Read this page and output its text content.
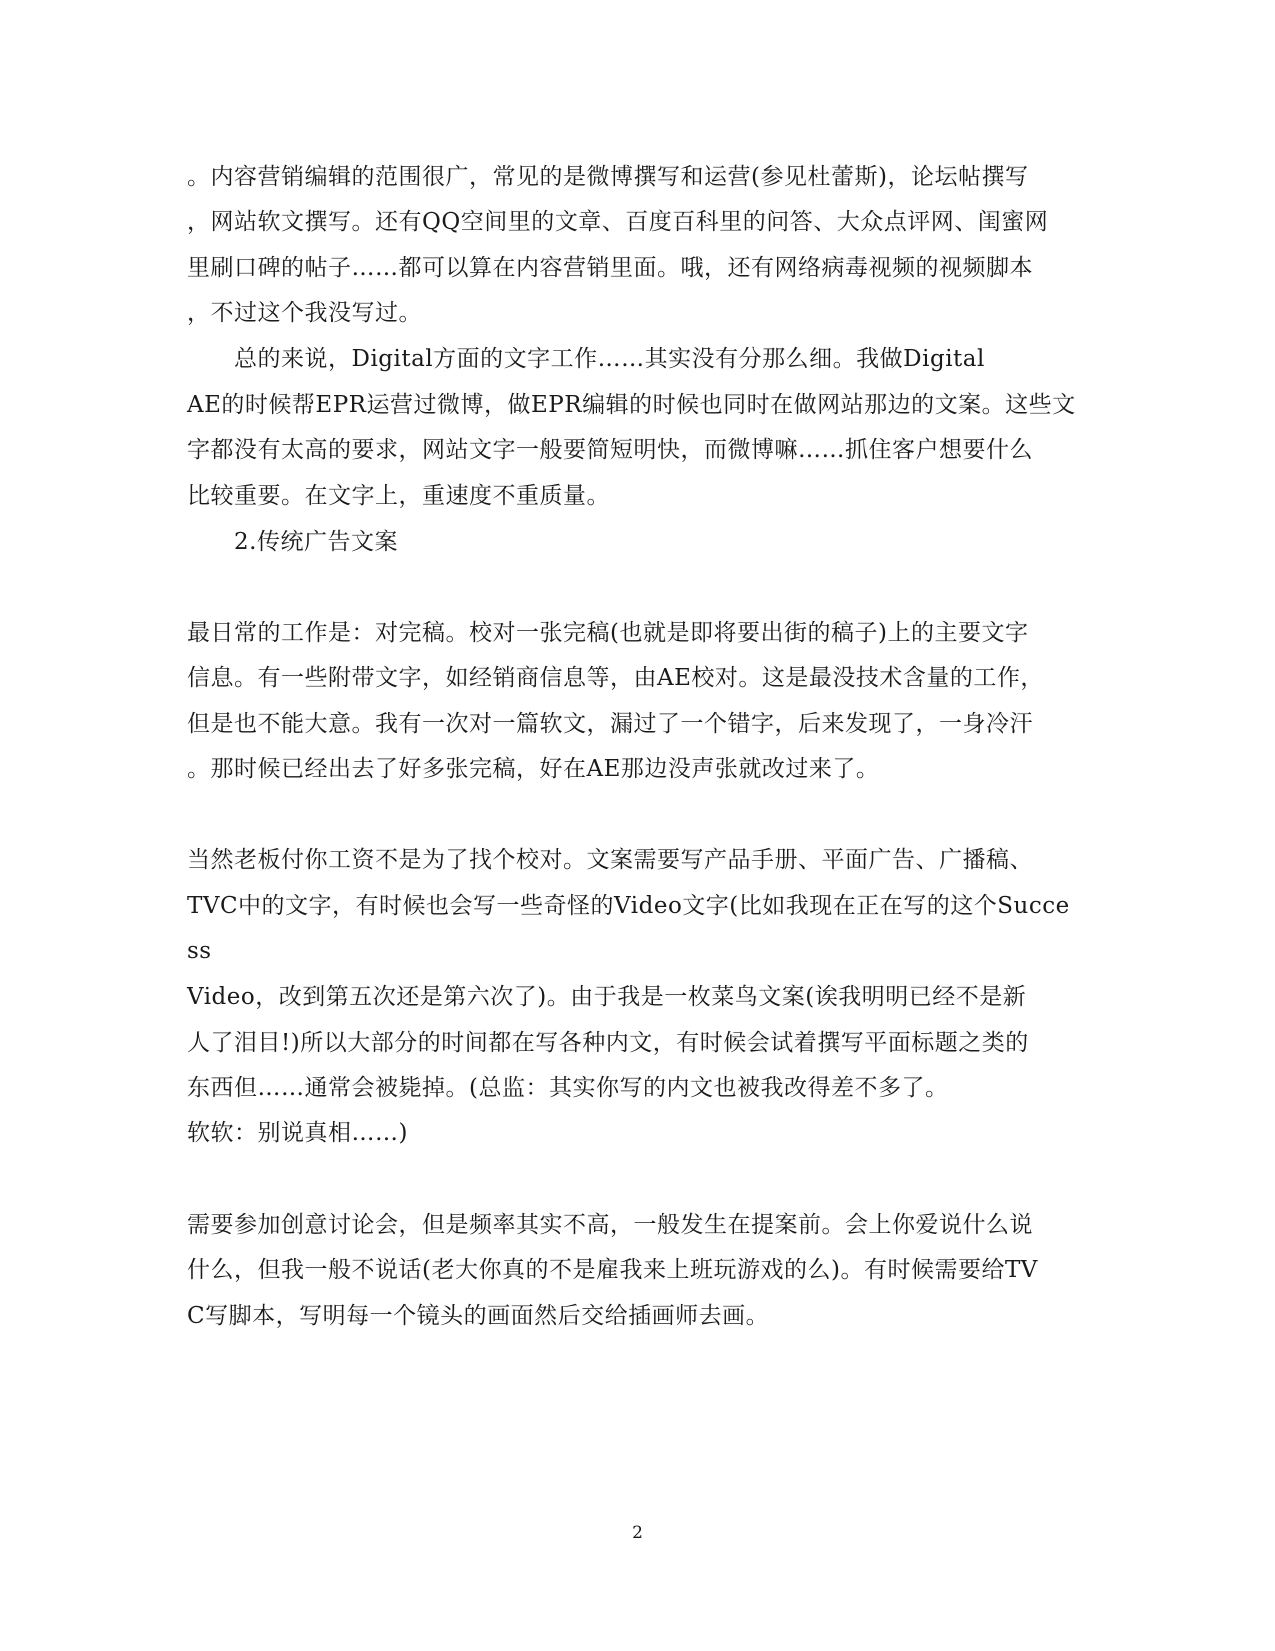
。内容营销编辑的范围很广，常见的是微博撰写和运营(参见杜蕾斯)，论坛帖撰写
，网站软文撰写。还有QQ空间里的文章、百度百科里的问答、大众点评网、闺蜜网
里刷口碑的帖子……都可以算在内容营销里面。哦，还有网络病毒视频的视频脚本
，不过这个我没写过。
　　总的来说，Digital方面的文字工作……其实没有分那么细。我做Digital
AE的时候帮EPR运营过微博，做EPR编辑的时候也同时在做网站那边的文案。这些文
字都没有太高的要求，网站文字一般要简短明快，而微博嘛……抓住客户想要什么
比较重要。在文字上，重速度不重质量。
　　2.传统广告文案
最日常的工作是：对完稿。校对一张完稿(也就是即将要出街的稿子)上的主要文字
信息。有一些附带文字，如经销商信息等，由AE校对。这是最没技术含量的工作，
但是也不能大意。我有一次对一篇软文，漏过了一个错字，后来发现了，一身冷汗
。那时候已经出去了好多张完稿，好在AE那边没声张就改过来了。
当然老板付你工资不是为了找个校对。文案需要写产品手册、平面广告、广播稿、
TVC中的文字，有时候也会写一些奇怪的Video文字(比如我现在正在写的这个Succe
ss
Video，改到第五次还是第六次了)。由于我是一枚菜鸟文案(诶我明明已经不是新
人了泪目!)所以大部分的时间都在写各种内文，有时候会试着撰写平面标题之类的
东西但……通常会被毙掉。(总监：其实你写的内文也被我改得差不多了。
软软：别说真相……)
需要参加创意讨论会，但是频率其实不高，一般发生在提案前。会上你爱说什么说
什么，但我一般不说话(老大你真的不是雇我来上班玩游戏的么)。有时候需要给TV
C写脚本，写明每一个镜头的画面然后交给插画师去画。
2
